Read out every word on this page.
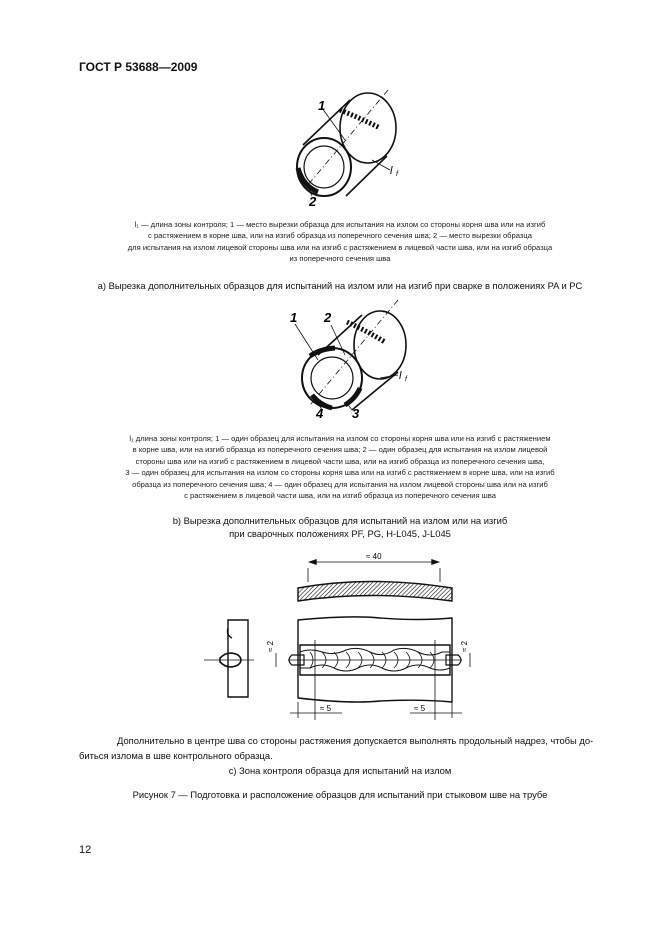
ГОСТ Р 53688—2009
1
2
l f
l₁ — длина зоны контроля; 1 — место вырезки образца для испытания на излом со стороны корня шва или на изгиб
с растяжением в корне шва, или на изгиб образца из поперечного сечения шва; 2 — место вырезки образца
для испытания на излом лицевой стороны шва или на изгиб с растяжением в лицевой части шва, или на изгиб образца
из поперечного сечения шва
а) Вырезка дополнительных образцов для испытаний на излом или на изгиб при сварке в положениях PA и PC
1 2
3
4
l f
l₁ длина зоны контроля; 1 — один образец для испытания на излом со стороны корня шва или на изгиб с растяжением
в корне шва, или на изгиб образца из поперечного сечения шва; 2 — один образец для испытания на излом лицевой
стороны шва или на изгиб с растяжением в лицевой части шва, или на изгиб образца из поперечного сечения шва,
3 — один образец для испытания на излом со стороны корня шва или на изгиб с растяжением в корне шва, или на изгиб
образца из поперечного сечения шва; 4 — один образец для испытания на излом лицевой стороны шва или на изгиб
с растяжением в лицевой части шва, или на изгиб образца из поперечного сечения шва
b) Вырезка дополнительных образцов для испытаний на излом или на изгиб
при сварочных положениях PF, PG, H-L045, J-L045
≈ 40
≈ 2	≈ 2
≈ 5	≈ 5
Дополнительно в центре шва со стороны растяжения допускается выполнять продольный надрез, чтобы до-
биться излома в шве контрольного образца.
с) Зона контроля образца для испытаний на излом
Рисунок 7 — Подготовка и расположение образцов для испытаний при стыковом шве на трубе
12
